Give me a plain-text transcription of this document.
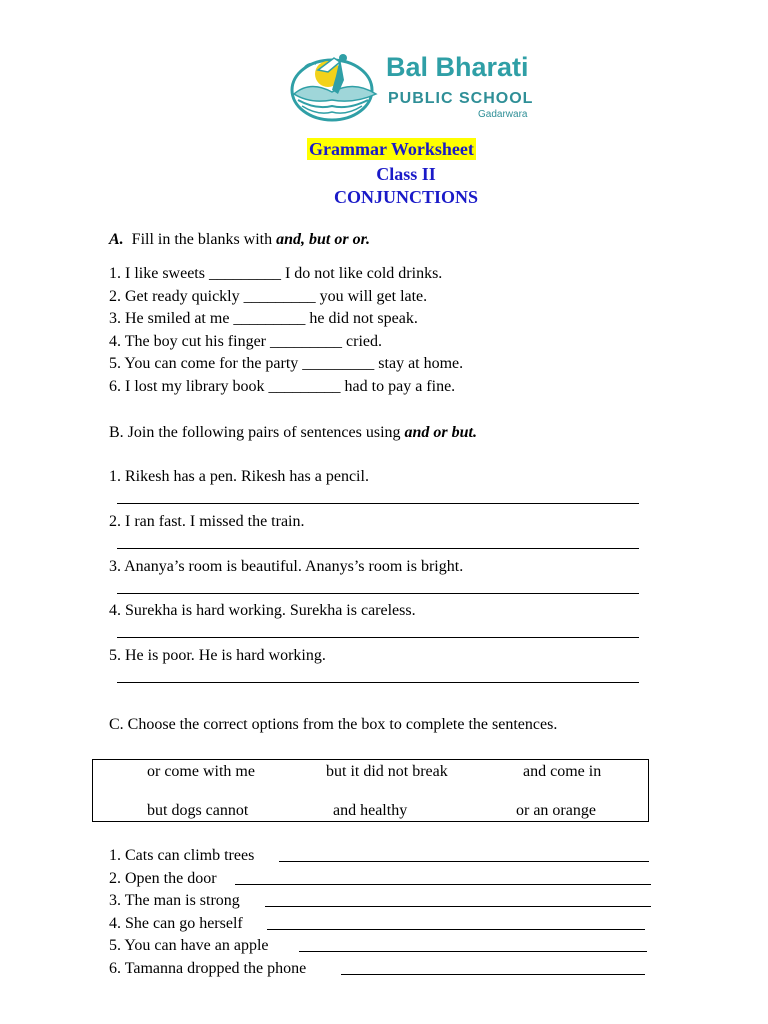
Bal Bharati
PUBLIC SCHOOL
Gadarwara
Grammar Worksheet
Class II
CONJUNCTIONS
A. Fill in the blanks with and, but or or.
1. I like sweets _________ I do not like cold drinks.
2. Get ready quickly _________ you will get late.
3. He smiled at me _________ he did not speak.
4. The boy cut his finger _________ cried.
5. You can come for the party _________ stay at home.
6. I lost my library book _________ had to pay a fine.
B. Join the following pairs of sentences using and or but.
1. Rikesh has a pen. Rikesh has a pencil.
2. I ran fast. I missed the train.
3. Ananya’s room is beautiful. Ananys’s room is bright.
4. Surekha is hard working. Surekha is careless.
5. He is poor. He is hard working.
C. Choose the correct options from the box to complete the sentences.
or come with me	but it did not break	and come in
but dogs cannot	and healthy	or an orange
1. Cats can climb trees
2. Open the door
3. The man is strong
4. She can go herself
5. You can have an apple
6. Tamanna dropped the phone
